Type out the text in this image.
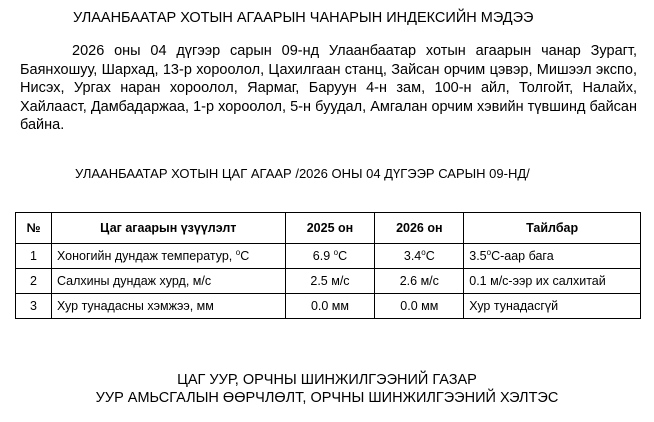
УЛААНБААТАР ХОТЫН АГААРЫН ЧАНАРЫН ИНДЕКСИЙН МЭДЭЭ

2026 оны 04 дүгээр сарын 09-нд Улаанбаатар хотын агаарын чанар Зурагт, Баянхошуу, Шархад, 13-р хороолол, Цахилгаан станц, Зайсан орчим цэвэр, Мишээл экспо, Нисэх, Ургах наран хороолол, Яармаг, Баруун 4-н зам, 100-н айл, Толгойт, Налайх, Хайлааст, Дамбадаржаа, 1-р хороолол, 5-н буудал, Амгалан орчим хэвийн түвшинд байсан байна.

УЛААНБААТАР ХОТЫН ЦАГ АГААР /2026 ОНЫ 04 ДҮГЭЭР САРЫН 09-НД/
№	Цаг агаарын үзүүлэлт	2025 он	2026 он	Тайлбар
1	Хоногийн дундаж температур, $^о$С	6.9 $^о$С	$3.4^оС$	$3.5^оС$-аар бага
2	Салхины дундаж хурд, м/с	2.5 м/с	2.6 м/с	0.1 м/с-ээр их салхитай
3	Хур тунадасны хэмжээ, мм	0.0 мм	0.0 мм	Хур тунадасгүй
ЦАГ УУР, ОРЧНЫ ШИНЖИЛГЭЭНИЙ ГАЗАР
УУР АМЬСГАЛЫН ӨӨРЧЛӨЛТ, ОРЧНЫ ШИНЖИЛГЭЭНИЙ ХЭЛТЭС
